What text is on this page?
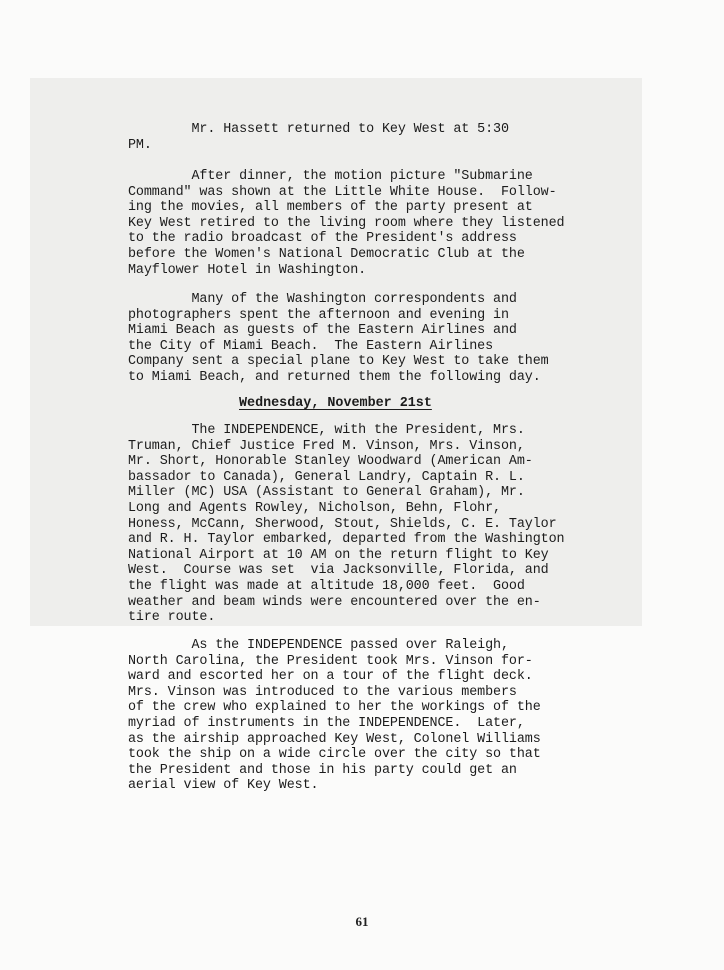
Mr. Hassett returned to Key West at 5:30
PM.

After dinner, the motion picture "Submarine
Command" was shown at the Little White House.  Follow-
ing the movies, all members of the party present at
Key West retired to the living room where they listened
to the radio broadcast of the President's address
before the Women's National Democratic Club at the
Mayflower Hotel in Washington.

Many of the Washington correspondents and
photographers spent the afternoon and evening in
Miami Beach as guests of the Eastern Airlines and
the City of Miami Beach.  The Eastern Airlines
Company sent a special plane to Key West to take them
to Miami Beach, and returned them the following day.

Wednesday, November 21st

The INDEPENDENCE, with the President, Mrs.
Truman, Chief Justice Fred M. Vinson, Mrs. Vinson,
Mr. Short, Honorable Stanley Woodward (American Am-
bassador to Canada), General Landry, Captain R. L.
Miller (MC) USA (Assistant to General Graham), Mr.
Long and Agents Rowley, Nicholson, Behn, Flohr,
Honess, McCann, Sherwood, Stout, Shields, C. E. Taylor
and R. H. Taylor embarked, departed from the Washington
National Airport at 10 AM on the return flight to Key
West.  Course was set  via Jacksonville, Florida, and
the flight was made at altitude 18,000 feet.  Good
weather and beam winds were encountered over the en-
tire route.

As the INDEPENDENCE passed over Raleigh,
North Carolina, the President took Mrs. Vinson for-
ward and escorted her on a tour of the flight deck.
Mrs. Vinson was introduced to the various members
of the crew who explained to her the workings of the
myriad of instruments in the INDEPENDENCE.  Later,
as the airship approached Key West, Colonel Williams
took the ship on a wide circle over the city so that
the President and those in his party could get an
aerial view of Key West.

61
